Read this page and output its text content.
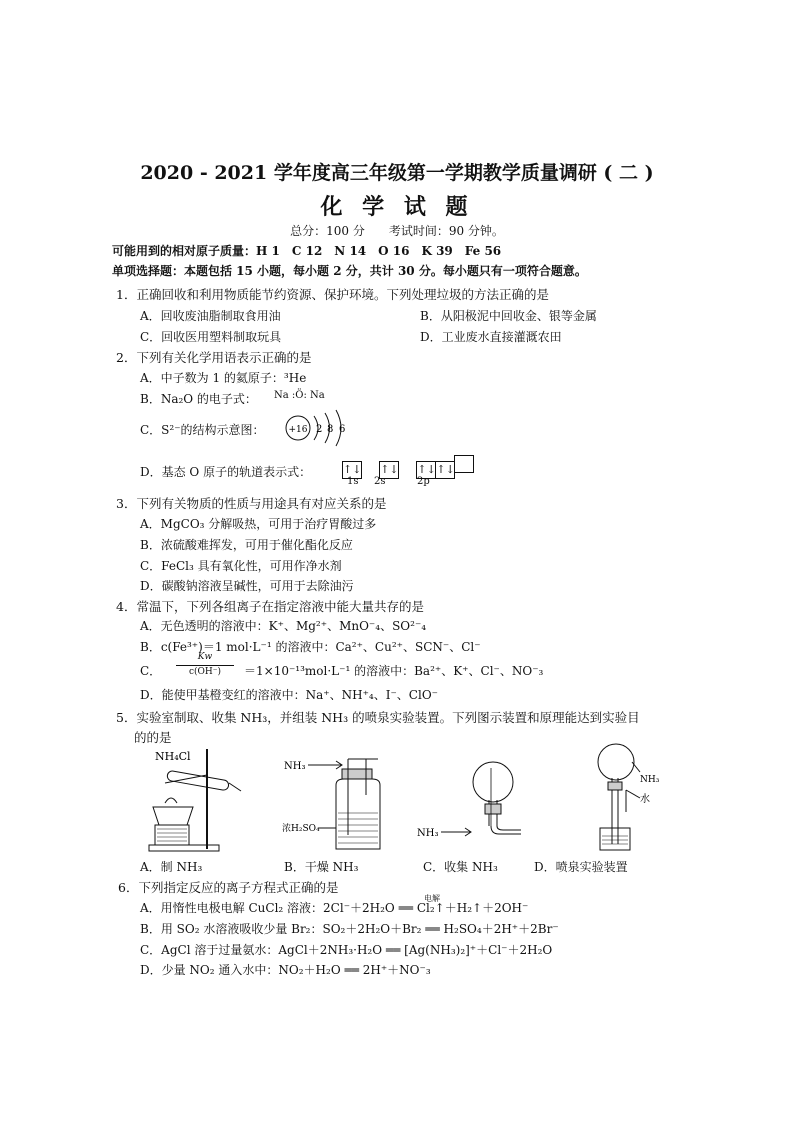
2020 - 2021 学年度高三年级第一学期教学质量调研 ( 二 )
化 学 试 题
总分：100 分　　考试时间：90 分钟。
可能用到的相对原子质量：H 1　C 12　N 14　O 16　K 39　Fe 56
单项选择题：本题包括 15 小题，每小题 2 分，共计 30 分。每小题只有一项符合题意。
1．正确回收和利用物质能节约资源、保护环境。下列处理垃圾的方法正确的是
A．回收废油脂制取食用油	B．从阳极泥中回收金、银等金属
C．回收医用塑料制取玩具	D．工业废水直接灌溉农田
2．下列有关化学用语表示正确的是
A．中子数为 1 的氦原子：³He
B．Na₂O 的电子式： Na :Ö: Na
C．S²⁻的结构示意图：	+16 2 8 6
D．基态 O 原子的轨道表示式：	↑↓ ↑↓ ↑↓↑↓
1s 2s	2p
3．下列有关物质的性质与用途具有对应关系的是
A．MgCO₃ 分解吸热，可用于治疗胃酸过多
B．浓硫酸难挥发，可用于催化酯化反应
C．FeCl₃ 具有氧化性，可用作净水剂
D．碳酸钠溶液呈碱性，可用于去除油污
4．常温下，下列各组离子在指定溶液中能大量共存的是
A．无色透明的溶液中：K⁺、Mg²⁺、MnO⁻₄、SO²⁻₄
B．c(Fe³⁺)＝1 mol·L⁻¹ 的溶液中：Ca²⁺、Cu²⁺、SCN⁻、Cl⁻
C．
Kw
c(OH⁻)	＝1×10⁻¹³mol·L⁻¹ 的溶液中：Ba²⁺、K⁺、Cl⁻、NO⁻₃
D．能使甲基橙变红的溶液中：Na⁺、NH⁺₄、I⁻、ClO⁻
5．实验室制取、收集 NH₃，并组装 NH₃ 的喷泉实验装置。下列图示装置和原理能达到实验目
的的是
NH₄Cl
NH₃
浓H₂SO₄	NH₃
NH₃
水
A．制 NH₃	B．干燥 NH₃	C．收集 NH₃	D．喷泉实验装置
6．下列指定反应的离子方程式正确的是
A．用惰性电极电解 CuCl₂ 溶液：2Cl⁻＋2H₂O ══ Cl₂↑＋H₂↑＋2OH⁻
电解
B．用 SO₂ 水溶液吸收少量 Br₂：SO₂＋2H₂O＋Br₂ ══ H₂SO₄＋2H⁺＋2Br⁻
C．AgCl 溶于过量氨水：AgCl＋2NH₃·H₂O ══ [Ag(NH₃)₂]⁺＋Cl⁻＋2H₂O
D．少量 NO₂ 通入水中：NO₂＋H₂O ══ 2H⁺＋NO⁻₃
